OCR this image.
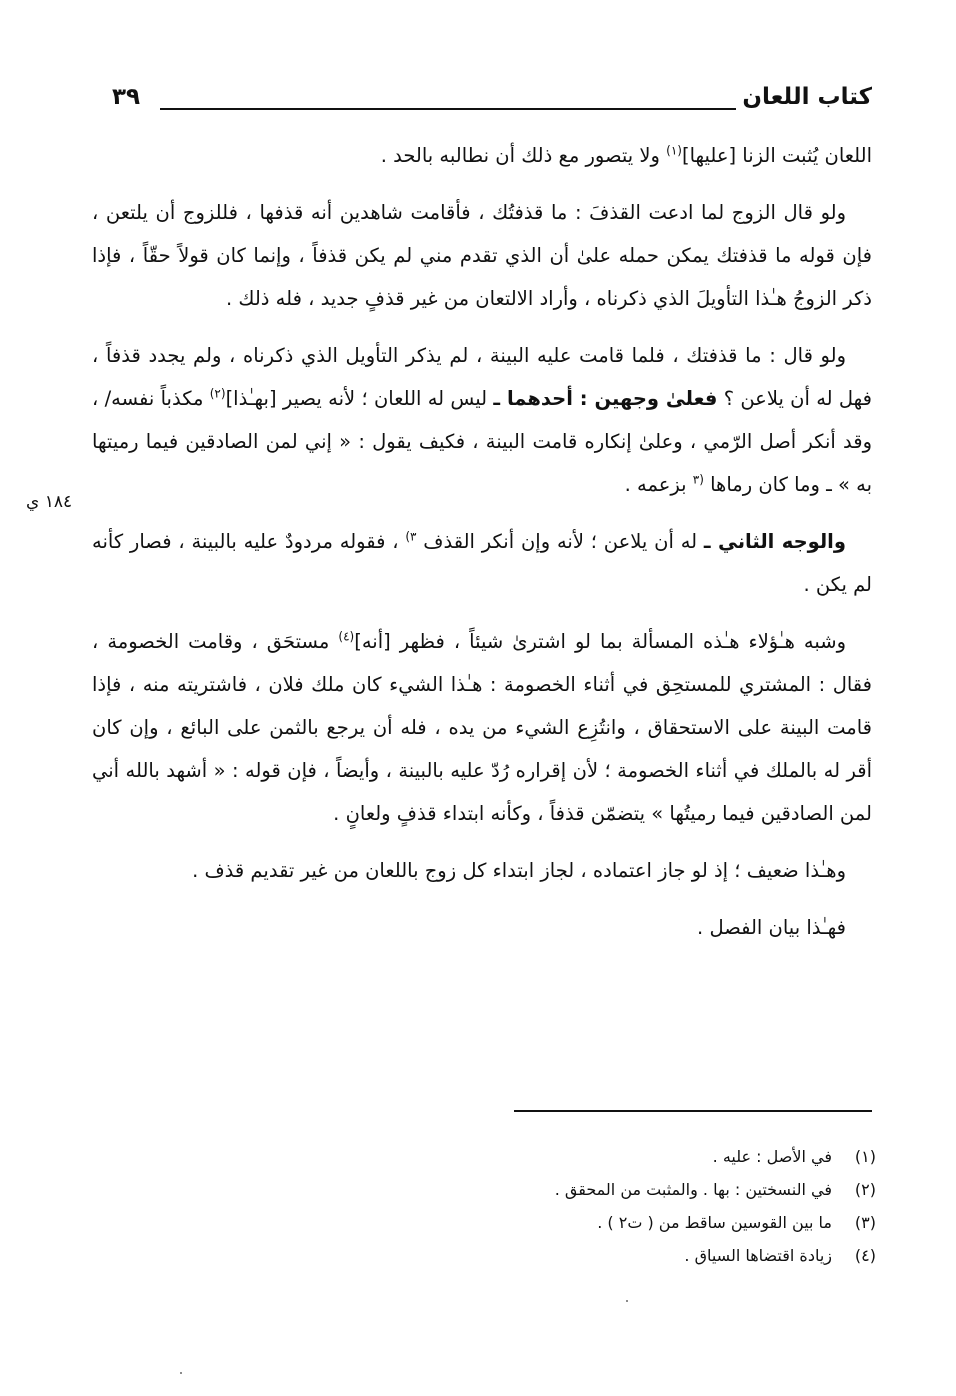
كتاب اللعان
٣٩
١٨٤ ي

اللعان يُثبت الزنا [عليها]$^{(١)}$ ولا يتصور مع ذلك أن نطالبه بالحد .

ولو قال الزوج لما ادعت القذفَ : ما قذفتُك ، فأقامت شاهدين أنه قذفها ، فللزوج أن يلتعن ، فإن قوله ما قذفتك يمكن حمله علىٰ أن الذي تقدم مني لم يكن قذفاً ، وإنما كان قولاً حقّاً ، فإذا ذكر الزوجُ هـٰذا التأويلَ الذي ذكرناه ، وأراد الالتعان من غير قذفٍ جديد ، فله ذلك .

ولو قال : ما قذفتك ، فلما قامت عليه البينة ، لم يذكر التأويل الذي ذكرناه ، ولم يجدد قذفاً ، فهل له أن يلاعن ؟ فعلىٰ وجهين : أحدهما ـ ليس له اللعان ؛ لأنه يصير [بهـٰذا]$^{(٢)}$ مكذباً نفسه/ ، وقد أنكر أصل الرّمي ، وعلىٰ إنكاره قامت البينة ، فكيف يقول : « إني لمن الصادقين فيما رميتها به » ـ وما كان رماها $^{(٣}$ بزعمه .

والوجه الثاني ـ له أن يلاعن ؛ لأنه وإن أنكر القذف $^{٣)}$ ، فقوله مردودٌ عليه بالبينة ، فصار كأنه لم يكن .

وشبه هـٰؤلاء هـٰذه المسألة بما لو اشترىٰ شيئاً ، فظهر [أنه]$^{(٤)}$ مستحَق ، وقامت الخصومة ، فقال : المشتري للمستحِق في أثناء الخصومة : هـٰذا الشيء كان ملك فلان ، فاشتريته منه ، فإذا قامت البينة على الاستحقاق ، وانتُزِع الشيء من يده ، فله أن يرجع بالثمن على البائع ، وإن كان أقر له بالملك في أثناء الخصومة ؛ لأن إقراره رُدّ عليه بالبينة ، وأيضاً ، فإن قوله : « أشهد بالله أني لمن الصادقين فيما رميتُها » يتضمّن قذفاً ، وكأنه ابتداء قذفٍ ولعانٍ .

وهـٰذا ضعيف ؛ إذ لو جاز اعتماده ، لجاز ابتداء كل زوج باللعان من غير تقديم قذف .

فهـٰذا بيان الفصل .

(١)
في الأصل : عليه .
(٢)
في النسختين : بها . والمثبت من المحقق .
(٣)
ما بين القوسين ساقط من ( ت٢ ) .
(٤)
زيادة اقتضاها السياق .
